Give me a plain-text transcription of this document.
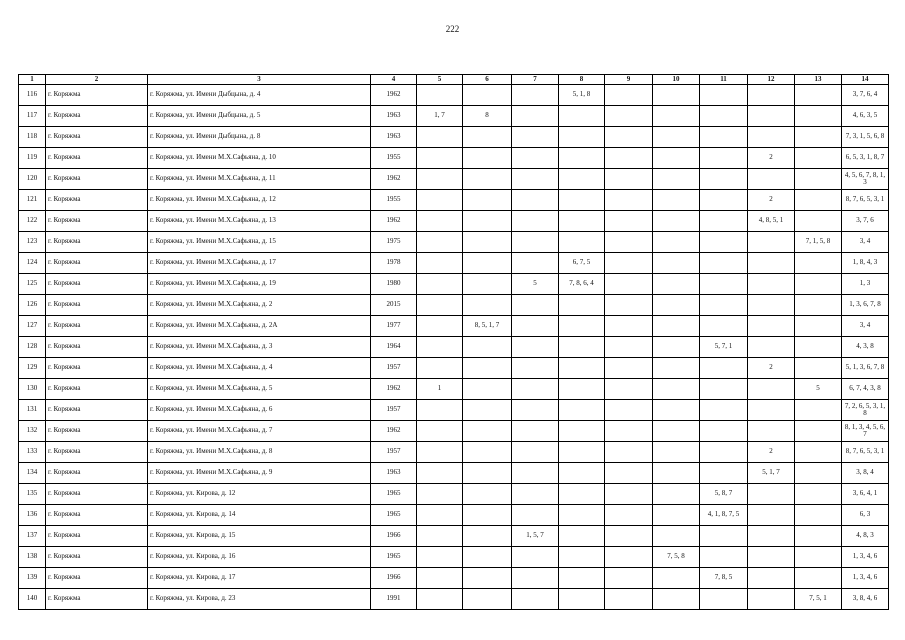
222
1	2	3	4	5	6	7	8	9	10	11	12	13	14
116	г. Коряжма	г. Коряжма, ул. Имени Дыбцына, д. 4	1962				5, 1, 8						3, 7, 6, 4
117	г. Коряжма	г. Коряжма, ул. Имени Дыбцына, д. 5	1963	1, 7	8								4, 6, 3, 5
118	г. Коряжма	г. Коряжма, ул. Имени Дыбцына, д. 8	1963										7, 3, 1, 5, 6, 8
119	г. Коряжма	г. Коряжма, ул. Имени М.Х.Сафьяна, д. 10	1955								2		6, 5, 3, 1, 8, 7
120	г. Коряжма	г. Коряжма, ул. Имени М.Х.Сафьяна, д. 11	1962										4, 5, 6, 7, 8, 1, 3
121	г. Коряжма	г. Коряжма, ул. Имени М.Х.Сафьяна, д. 12	1955								2		8, 7, 6, 5, 3, 1
122	г. Коряжма	г. Коряжма, ул. Имени М.Х.Сафьяна, д. 13	1962								4, 8, 5, 1		3, 7, 6
123	г. Коряжма	г. Коряжма, ул. Имени М.Х.Сафьяна, д. 15	1975									7, 1, 5, 8	3, 4
124	г. Коряжма	г. Коряжма, ул. Имени М.Х.Сафьяна, д. 17	1978				6, 7, 5						1, 8, 4, 3
125	г. Коряжма	г. Коряжма, ул. Имени М.Х.Сафьяна, д. 19	1980			5	7, 8, 6, 4						1, 3
126	г. Коряжма	г. Коряжма, ул. Имени М.Х.Сафьяна, д. 2	2015										1, 3, 6, 7, 8
127	г. Коряжма	г. Коряжма, ул. Имени М.Х.Сафьяна, д. 2А	1977		8, 5, 1, 7								3, 4
128	г. Коряжма	г. Коряжма, ул. Имени М.Х.Сафьяна, д. 3	1964							5, 7, 1			4, 3, 8
129	г. Коряжма	г. Коряжма, ул. Имени М.Х.Сафьяна, д. 4	1957								2		5, 1, 3, 6, 7, 8
130	г. Коряжма	г. Коряжма, ул. Имени М.Х.Сафьяна, д. 5	1962	1								5	6, 7, 4, 3, 8
131	г. Коряжма	г. Коряжма, ул. Имени М.Х.Сафьяна, д. 6	1957										7, 2, 6, 5, 3, 1, 8
132	г. Коряжма	г. Коряжма, ул. Имени М.Х.Сафьяна, д. 7	1962										8, 1, 3, 4, 5, 6, 7
133	г. Коряжма	г. Коряжма, ул. Имени М.Х.Сафьяна, д. 8	1957								2		8, 7, 6, 5, 3, 1
134	г. Коряжма	г. Коряжма, ул. Имени М.Х.Сафьяна, д. 9	1963								5, 1, 7		3, 8, 4
135	г. Коряжма	г. Коряжма, ул. Кирова, д. 12	1965							5, 8, 7			3, 6, 4, 1
136	г. Коряжма	г. Коряжма, ул. Кирова, д. 14	1965							4, 1, 8, 7, 5			6, 3
137	г. Коряжма	г. Коряжма, ул. Кирова, д. 15	1966			1, 5, 7							4, 8, 3
138	г. Коряжма	г. Коряжма, ул. Кирова, д. 16	1965						7, 5, 8				1, 3, 4, 6
139	г. Коряжма	г. Коряжма, ул. Кирова, д. 17	1966							7, 8, 5			1, 3, 4, 6
140	г. Коряжма	г. Коряжма, ул. Кирова, д. 23	1991									7, 5, 1	3, 8, 4, 6
